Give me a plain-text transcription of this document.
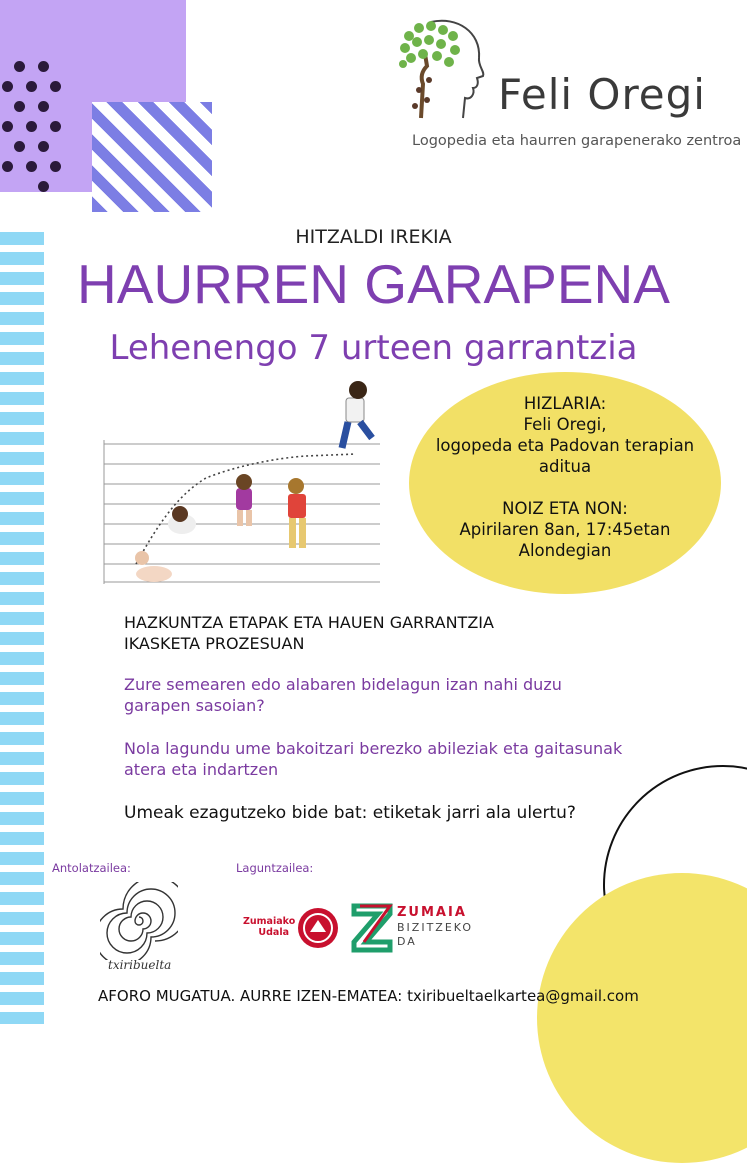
Feli Oregi
Logopedia eta haurren garapenerako zentroa
HITZALDI IREKIA
HAURREN GARAPENA
Lehenengo 7 urteen garrantzia

HIZLARIA:

Feli Oregi,

logopeda eta Padovan terapian

aditua

NOIZ ETA NON:

Apirilaren 8an, 17:45etan

Alondegian

HAZKUNTZA ETAPAK ETA HAUEN GARRANTZIA
IKASKETA PROZESUAN
Zure semearen edo alabaren bidelagun izan nahi duzu garapen sasoian?
Nola lagundu ume bakoitzari berezko abileziak eta gaitasunak atera eta indartzen
Umeak ezagutzeko bide bat: etiketak jarri ala ulertu?
Antolatzailea:	Laguntzailea:
txiribuelta
Zumaiako
Udala
ZUMAIA
BIZITZEKO
DA
AFORO MUGATUA. AURRE IZEN-EMATEA: txiribueltaelkartea@gmail.com
